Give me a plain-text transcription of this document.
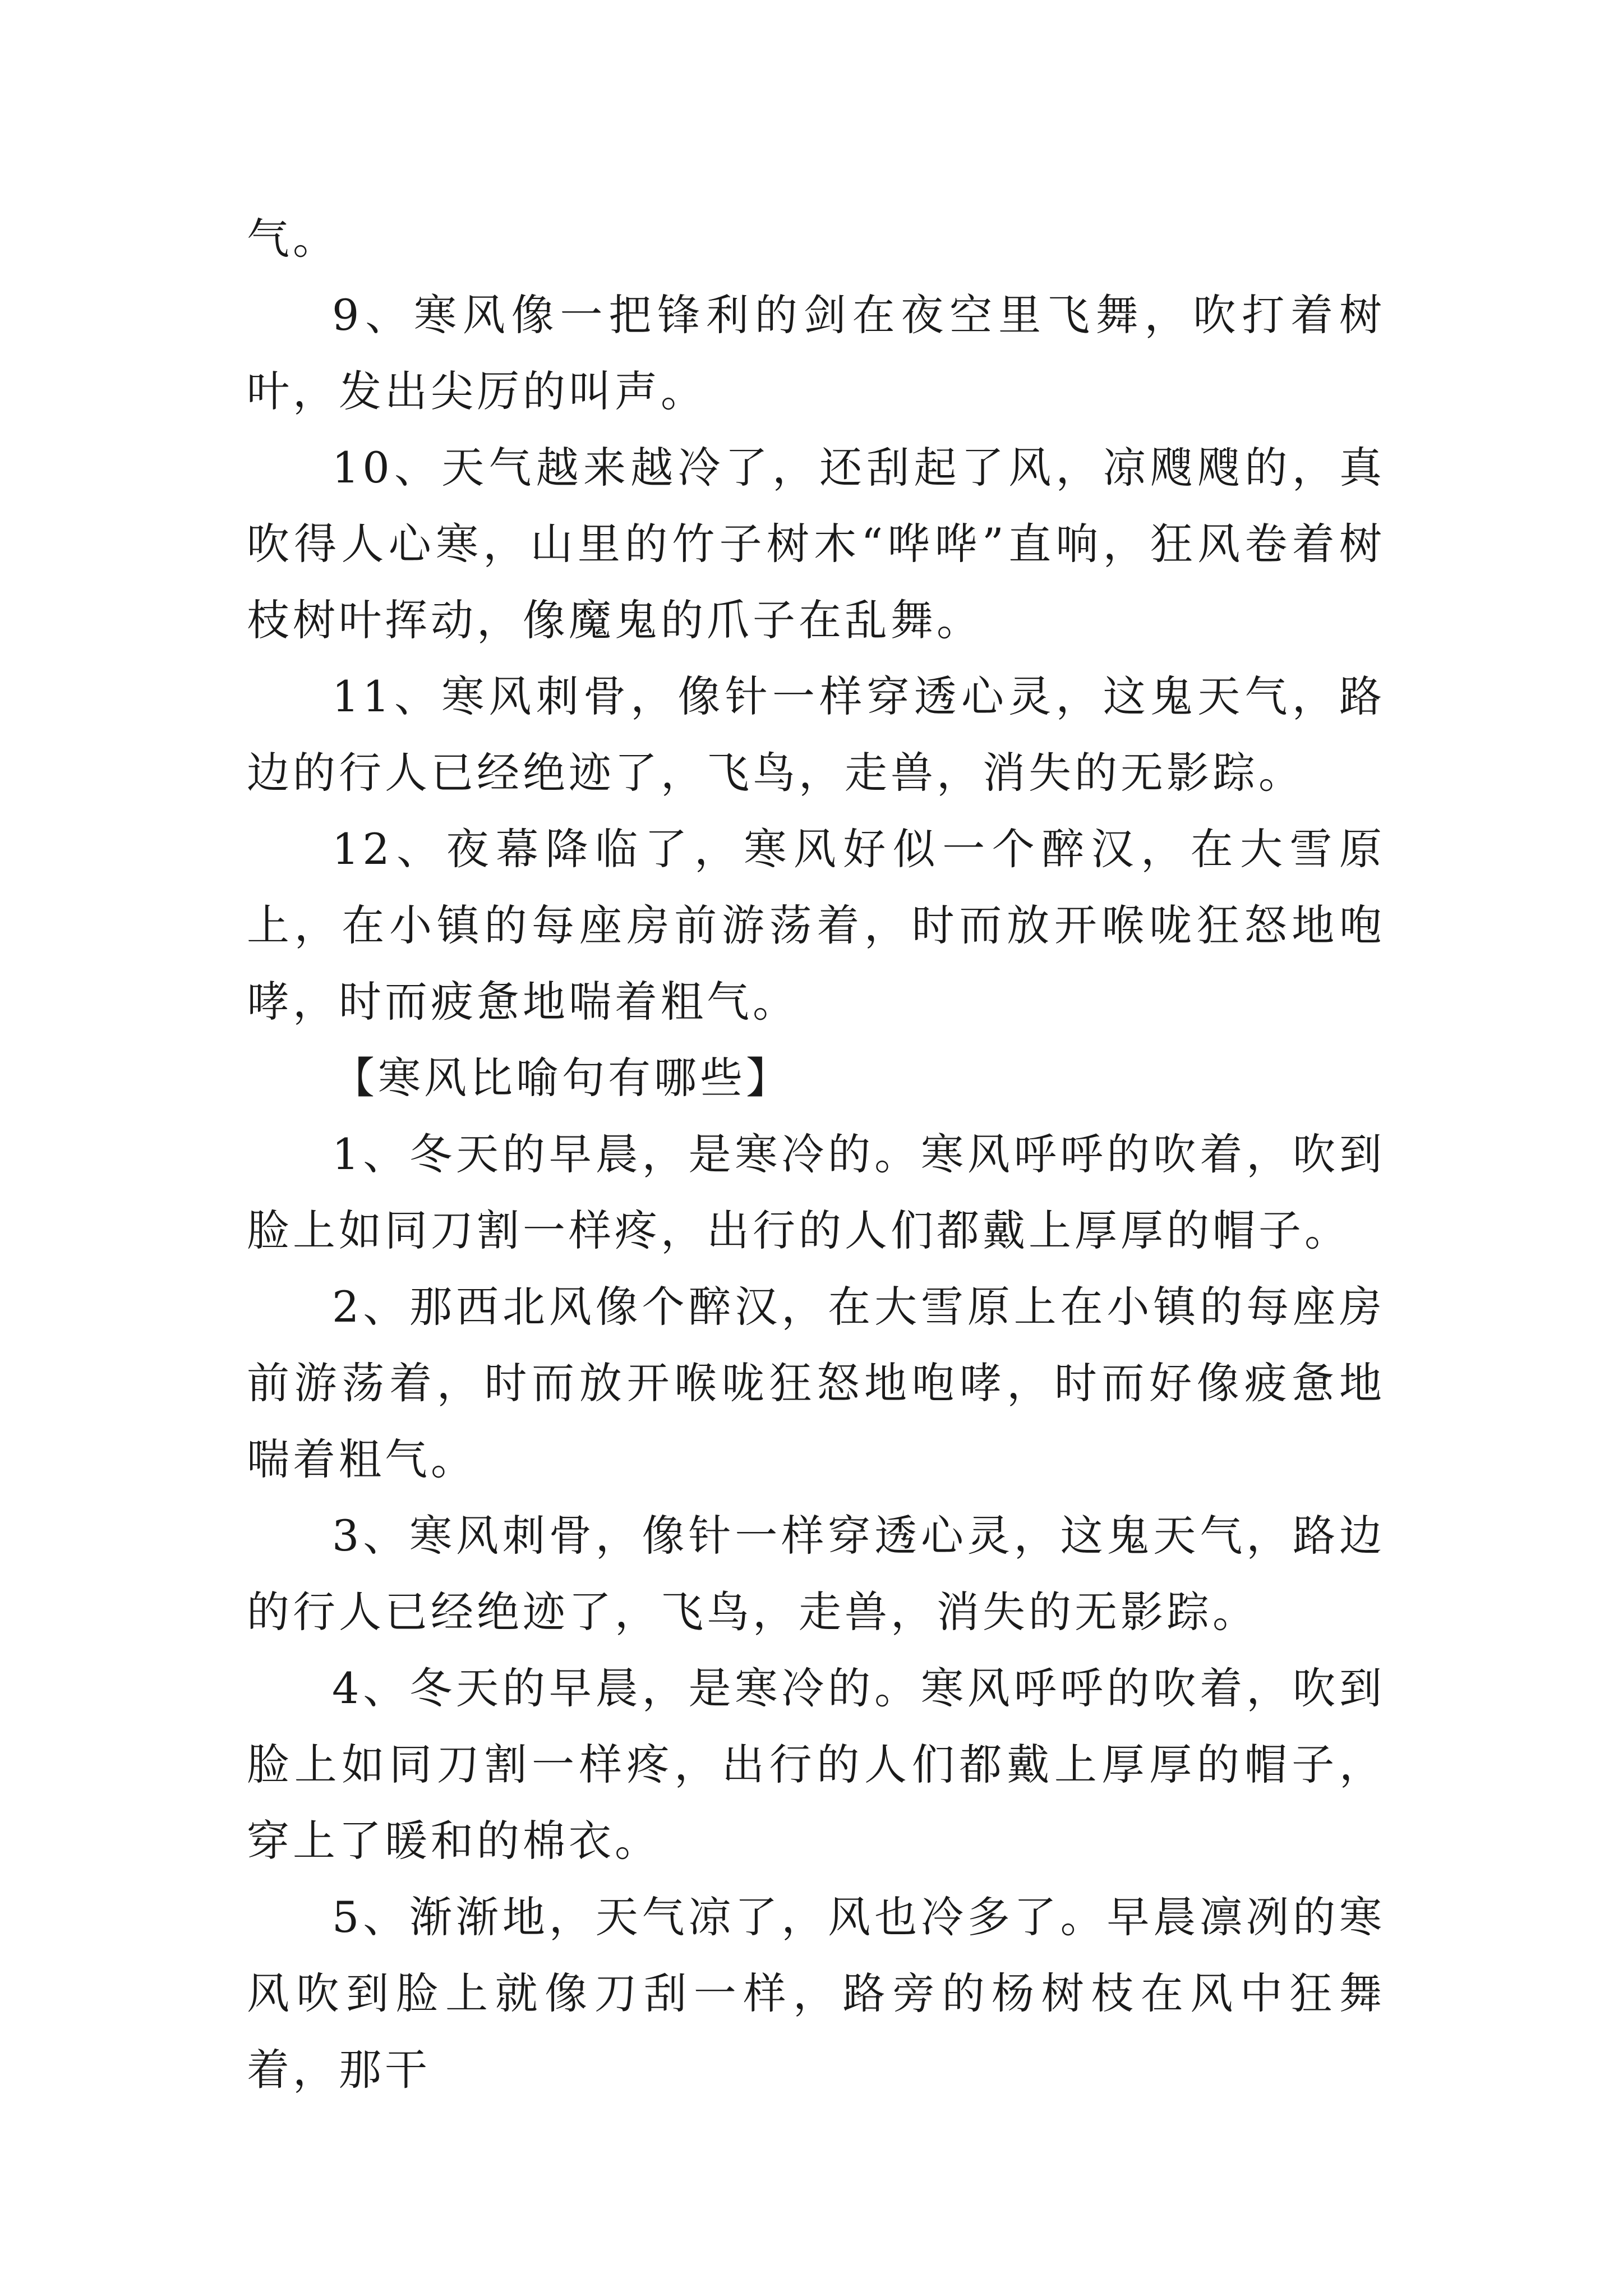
气。

9、寒风像一把锋利的剑在夜空里飞舞，吹打着树叶，发出尖厉的叫声。

10、天气越来越冷了，还刮起了风，凉飕飕的，真吹得人心寒，山里的竹子树木“哗哗”直响，狂风卷着树枝树叶挥动，像魔鬼的爪子在乱舞。

11、寒风刺骨，像针一样穿透心灵，这鬼天气，路边的行人已经绝迹了，飞鸟，走兽，消失的无影踪。

12、夜幕降临了，寒风好似一个醉汉，在大雪原上，在小镇的每座房前游荡着，时而放开喉咙狂怒地咆哮，时而疲惫地喘着粗气。

【寒风比喻句有哪些】

1、冬天的早晨，是寒冷的。寒风呼呼的吹着，吹到脸上如同刀割一样疼，出行的人们都戴上厚厚的帽子。

2、那西北风像个醉汉，在大雪原上在小镇的每座房前游荡着，时而放开喉咙狂怒地咆哮，时而好像疲惫地喘着粗气。

3、寒风刺骨，像针一样穿透心灵，这鬼天气，路边的行人已经绝迹了，飞鸟，走兽，消失的无影踪。

4、冬天的早晨，是寒冷的。寒风呼呼的吹着，吹到脸上如同刀割一样疼，出行的人们都戴上厚厚的帽子，穿上了暖和的棉衣。

5、渐渐地，天气凉了，风也冷多了。早晨凛冽的寒风吹到脸上就像刀刮一样，路旁的杨树枝在风中狂舞着，那干
